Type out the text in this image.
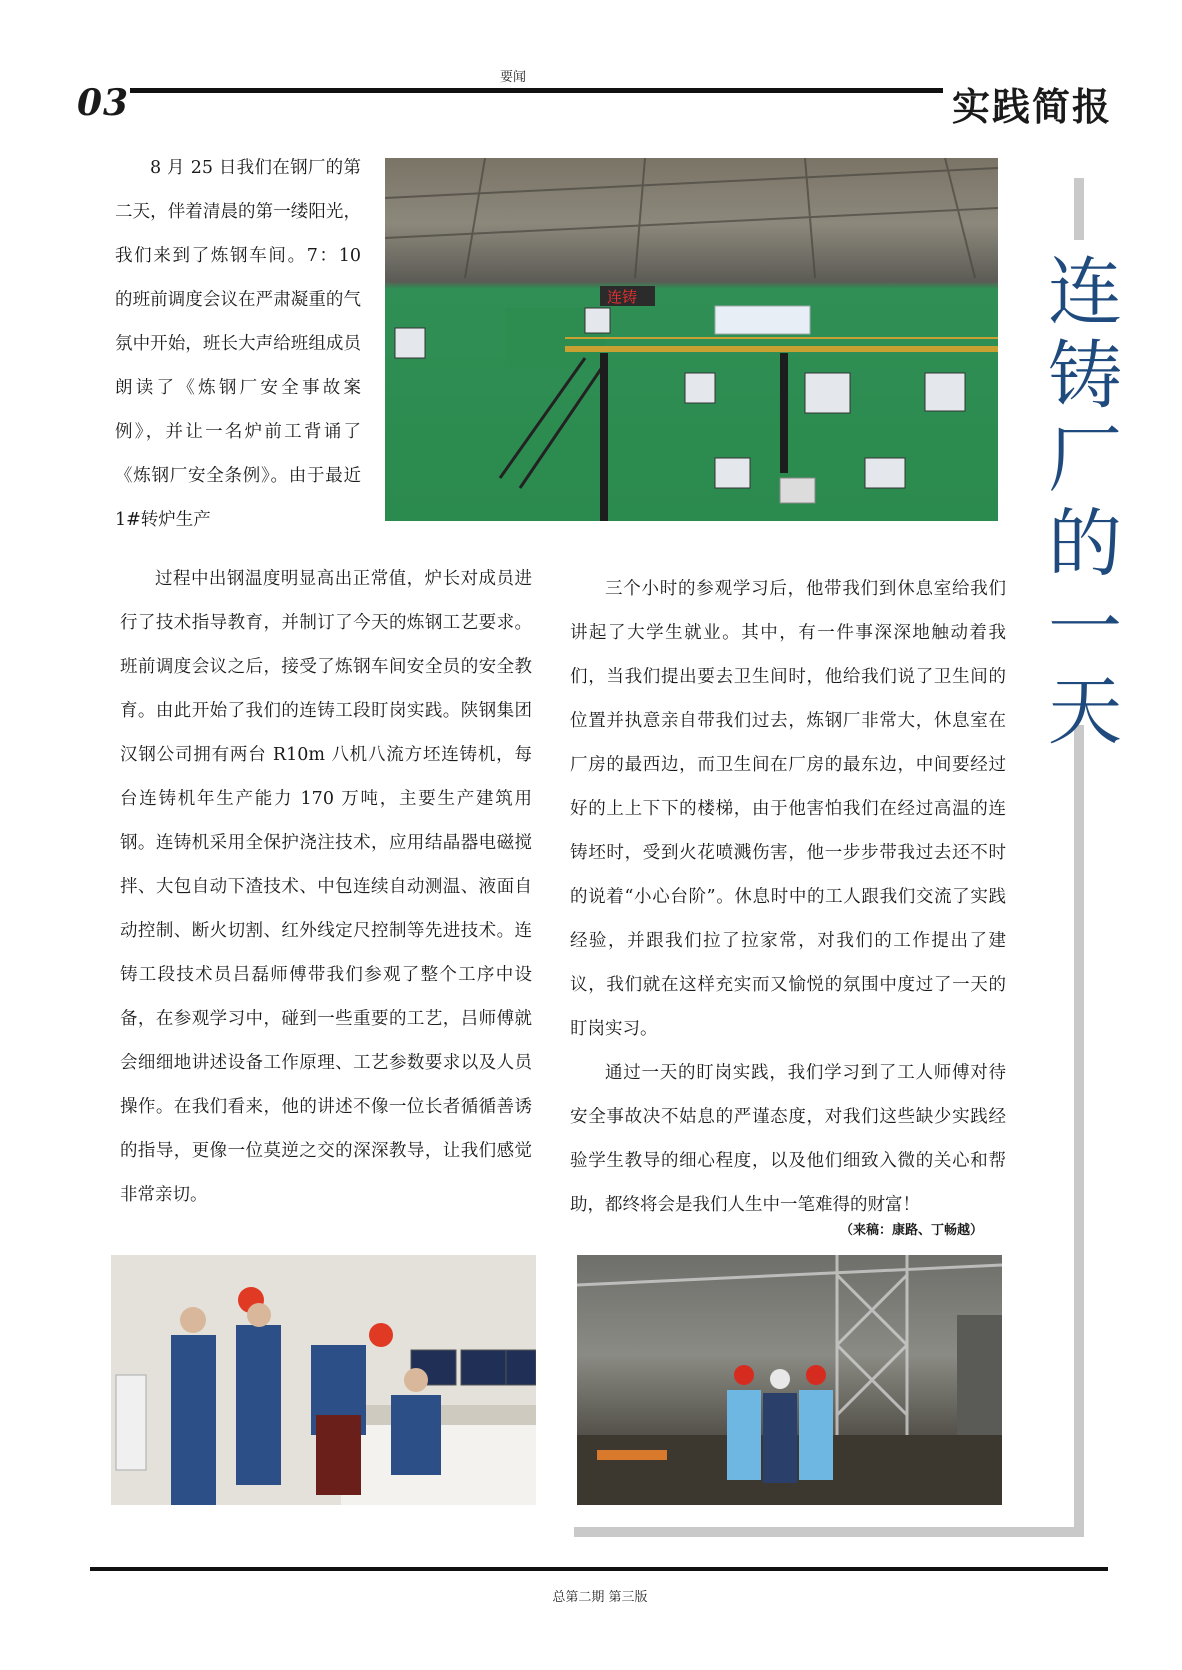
要闻
03	实践简报
连铸

8 月 25 日我们在钢厂的第二天，伴着清晨的第一缕阳光，我们来到了炼钢车间。7：10 的班前调度会议在严肃凝重的气氛中开始，班长大声给班组成员朗读了《炼钢厂安全事故案例》，并让一名炉前工背诵了《炼钢厂安全条例》。由于最近 1#转炉生产

过程中出钢温度明显高出正常值，炉长对成员进行了技术指导教育，并制订了今天的炼钢工艺要求。班前调度会议之后，接受了炼钢车间安全员的安全教育。由此开始了我们的连铸工段盯岗实践。陕钢集团汉钢公司拥有两台 R10m 八机八流方坯连铸机，每台连铸机年生产能力 170 万吨，主要生产建筑用钢。连铸机采用全保护浇注技术，应用结晶器电磁搅拌、大包自动下渣技术、中包连续自动测温、液面自动控制、断火切割、红外线定尺控制等先进技术。连铸工段技术员吕磊师傅带我们参观了整个工序中设备，在参观学习中，碰到一些重要的工艺，吕师傅就会细细地讲述设备工作原理、工艺参数要求以及人员操作。在我们看来，他的讲述不像一位长者循循善诱的指导，更像一位莫逆之交的深深教导，让我们感觉非常亲切。

三个小时的参观学习后，他带我们到休息室给我们讲起了大学生就业。其中，有一件事深深地触动着我们，当我们提出要去卫生间时，他给我们说了卫生间的位置并执意亲自带我们过去，炼钢厂非常大，休息室在厂房的最西边，而卫生间在厂房的最东边，中间要经过好的上上下下的楼梯，由于他害怕我们在经过高温的连铸坯时，受到火花喷溅伤害，他一步步带我过去还不时的说着“小心台阶”。休息时中的工人跟我们交流了实践经验，并跟我们拉了拉家常，对我们的工作提出了建议，我们就在这样充实而又愉悦的氛围中度过了一天的盯岗实习。

通过一天的盯岗实践，我们学习到了工人师傅对待安全事故决不姑息的严谨态度，对我们这些缺少实践经验学生教导的细心程度，以及他们细致入微的关心和帮助，都终将会是我们人生中一笔难得的财富！

（来稿：康路、丁畅越）
连
铸
厂
的
一
天
总第二期 第三版
